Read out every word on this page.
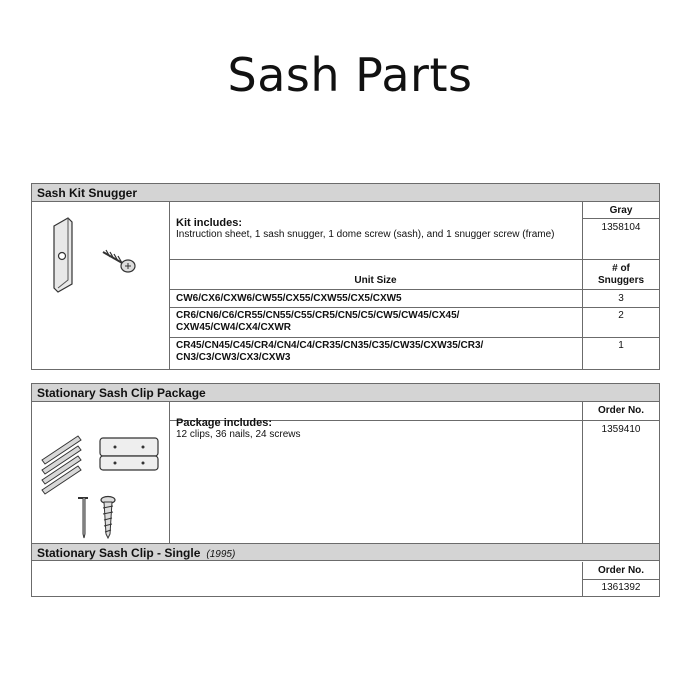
Sash Parts
Sash Kit Snugger
Kit includes:
Instruction sheet, 1 sash snugger, 1 dome screw (sash), and 1 snugger screw (frame)
Gray
1358104
Unit Size
# of
Snuggers
CW6/CX6/CXW6/CW55/CX55/CXW55/CX5/CXW5	3
CR6/CN6/C6/CR55/CN55/C55/CR5/CN5/C5/CW5/CW45/CX45/ CXW45/CW4/CX4/CXWR
2
CR45/CN45/C45/CR4/CN4/C4/CR35/CN35/C35/CW35/CXW35/CR3/ CN3/C3/CW3/CX3/CXW3
1
Stationary Sash Clip Package
Order No.
1359410
Package includes:
12 clips, 36 nails, 24 screws
Stationary Sash Clip - Single (1995)
Order No.
1361392
